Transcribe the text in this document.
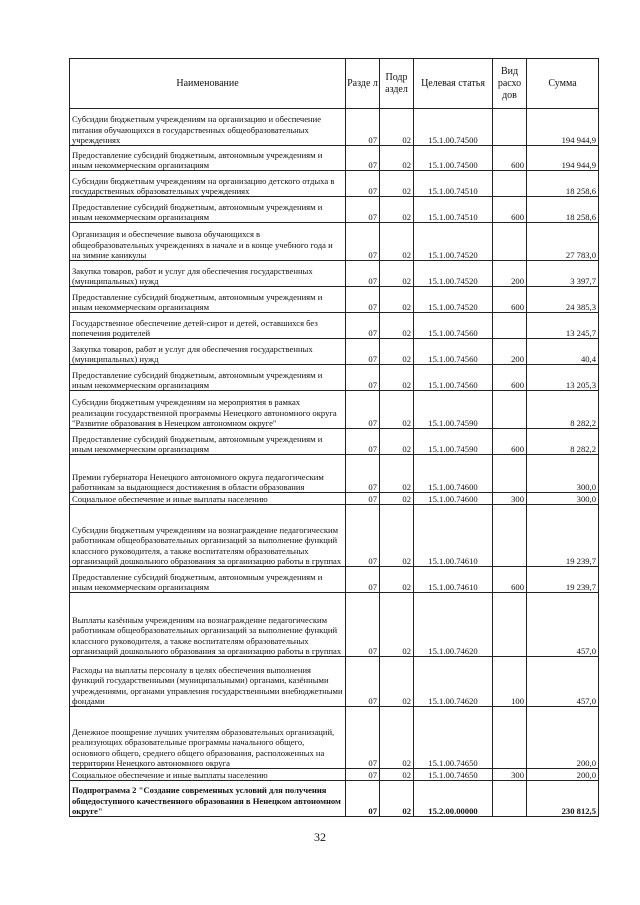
Наименование	Разде л	Подр аздел	Целевая статья	Вид расхо дов	Сумма
Субсидии бюджетным учреждениям на организацию и обеспечение питания обучающихся в государственных общеобразовательных учреждениях	07	02	15.1.00.74500		194 944,9
Предоставление субсидий бюджетным, автономным учреждениям и иным некоммерческим организациям	07	02	15.1.00.74500	600	194 944,9
Субсидии бюджетным учреждениям на организацию детского отдыха в государственных образовательных учреждениях	07	02	15.1.00.74510		18 258,6
Предоставление субсидий бюджетным, автономным учреждениям и иным некоммерческим организациям	07	02	15.1.00.74510	600	18 258,6
Организация и обеспечение вывоза обучающихся в общеобразовательных учреждениях в начале и в конце учебного года и на зимние каникулы	07	02	15.1.00.74520		27 783,0
Закупка товаров, работ и услуг для обеспечения государственных (муниципальных) нужд	07	02	15.1.00.74520	200	3 397,7
Предоставление субсидий бюджетным, автономным учреждениям и иным некоммерческим организациям	07	02	15.1.00.74520	600	24 385,3
Государственное обеспечение детей-сирот и детей, оставшихся без попечения родителей	07	02	15.1.00.74560		13 245,7
Закупка товаров, работ и услуг для обеспечения государственных (муниципальных) нужд	07	02	15.1.00.74560	200	40,4
Предоставление субсидий бюджетным, автономным учреждениям и иным некоммерческим организациям	07	02	15.1.00.74560	600	13 205,3
Субсидии бюджетным учреждениям на мероприятия в рамках реализации государственной программы Ненецкого автономного округа "Развитие образования в Ненецком автономном округе"	07	02	15.1.00.74590		8 282,2
Предоставление субсидий бюджетным, автономным учреждениям и иным некоммерческим организациям	07	02	15.1.00.74590	600	8 282,2
Премии губернатора Ненецкого автономного округа педагогическим работникам за выдающиеся достижения в области образования	07	02	15.1.00.74600		300,0
Социальное обеспечение и иные выплаты населению	07	02	15.1.00.74600	300	300,0
Субсидии бюджетным учреждениям на вознаграждение педагогическим работникам общеобразовательных организаций за выполнение функций классного руководителя, а также воспитателям образовательных организаций дошкольного образования за организацию работы в группах	07	02	15.1.00.74610		19 239,7
Предоставление субсидий бюджетным, автономным учреждениям и иным некоммерческим организациям	07	02	15.1.00.74610	600	19 239,7
Выплаты казённым учреждениям на вознаграждение педагогическим работникам общеобразовательных организаций за выполнение функций классного руководителя, а также воспитателям образовательных организаций дошкольного образования за организацию работы в группах	07	02	15.1.00.74620		457,0
Расходы на выплаты персоналу в целях обеспечения выполнения функций государственными (муниципальными) органами, казёнными учреждениями, органами управления государственными внебюджетными фондами	07	02	15.1.00.74620	100	457,0
Денежное поощрение лучших учителям образовательных организаций, реализующих образовательные программы начального общего, основного общего, среднего общего образования, расположенных на территории Ненецкого автономного округа	07	02	15.1.00.74650		200,0
Социальное обеспечение и иные выплаты населению	07	02	15.1.00.74650	300	200,0
Подпрограмма 2 "Создание современных условий для получения общедоступного качественного образования в Ненецком автономном округе"	07	02	15.2.00.00000		230 812,5
32
